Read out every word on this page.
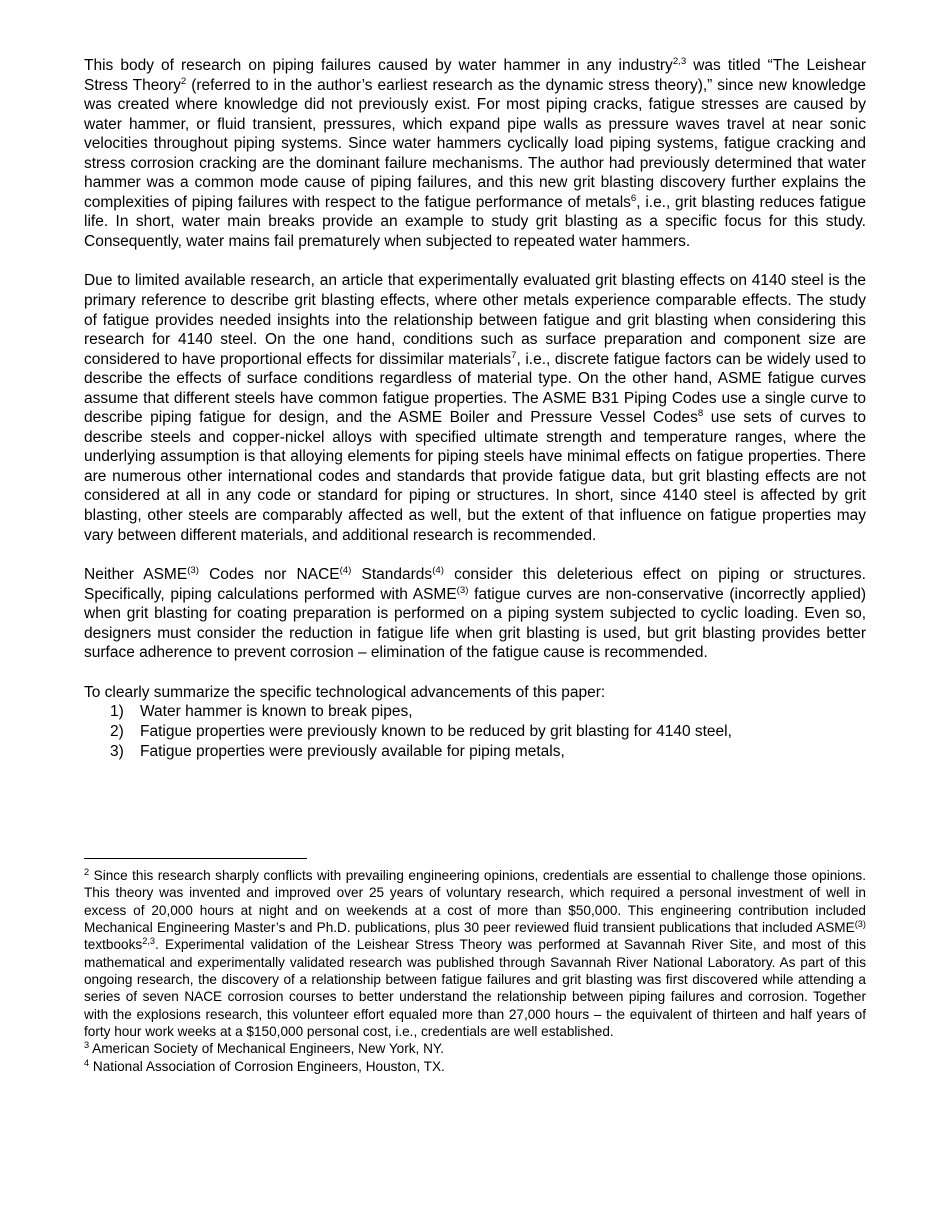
This body of research on piping failures caused by water hammer in any industry$^{2,3}$ was titled “The Leishear Stress Theory$^2$ (referred to in the author’s earliest research as the dynamic stress theory),” since new knowledge was created where knowledge did not previously exist. For most piping cracks, fatigue stresses are caused by water hammer, or fluid transient, pressures, which expand pipe walls as pressure waves travel at near sonic velocities throughout piping systems. Since water hammers cyclically load piping systems, fatigue cracking and stress corrosion cracking are the dominant failure mechanisms. The author had previously determined that water hammer was a common mode cause of piping failures, and this new grit blasting discovery further explains the complexities of piping failures with respect to the fatigue performance of metals$^6$, i.e., grit blasting reduces fatigue life. In short, water main breaks provide an example to study grit blasting as a specific focus for this study. Consequently, water mains fail prematurely when subjected to repeated water hammers.

Due to limited available research, an article that experimentally evaluated grit blasting effects on 4140 steel is the primary reference to describe grit blasting effects, where other metals experience comparable effects. The study of fatigue provides needed insights into the relationship between fatigue and grit blasting when considering this research for 4140 steel. On the one hand, conditions such as surface preparation and component size are considered to have proportional effects for dissimilar materials$^7$, i.e., discrete fatigue factors can be widely used to describe the effects of surface conditions regardless of material type. On the other hand, ASME fatigue curves assume that different steels have common fatigue properties. The ASME B31 Piping Codes use a single curve to describe piping fatigue for design, and the ASME Boiler and Pressure Vessel Codes$^8$ use sets of curves to describe steels and copper-nickel alloys with specified ultimate strength and temperature ranges, where the underlying assumption is that alloying elements for piping steels have minimal effects on fatigue properties. There are numerous other international codes and standards that provide fatigue data, but grit blasting effects are not considered at all in any code or standard for piping or structures. In short, since 4140 steel is affected by grit blasting, other steels are comparably affected as well, but the extent of that influence on fatigue properties may vary between different materials, and additional research is recommended.

Neither ASME$^{(3)}$ Codes nor NACE$^{(4)}$ Standards$^{(4)}$ consider this deleterious effect on piping or structures. Specifically, piping calculations performed with ASME$^{(3)}$ fatigue curves are non-conservative (incorrectly applied) when grit blasting for coating preparation is performed on a piping system subjected to cyclic loading. Even so, designers must consider the reduction in fatigue life when grit blasting is used, but grit blasting provides better surface adherence to prevent corrosion – elimination of the fatigue cause is recommended.

To clearly summarize the specific technological advancements of this paper:

1) Water hammer is known to break pipes,
2) Fatigue properties were previously known to be reduced by grit blasting for 4140 steel,
3) Fatigue properties were previously available for piping metals,

$^2$ Since this research sharply conflicts with prevailing engineering opinions, credentials are essential to challenge those opinions. This theory was invented and improved over 25 years of voluntary research, which required a personal investment of well in excess of 20,000 hours at night and on weekends at a cost of more than $50,000. This engineering contribution included Mechanical Engineering Master’s and Ph.D. publications, plus 30 peer reviewed fluid transient publications that included ASME$^{(3)}$ textbooks$^{2,3}$. Experimental validation of the Leishear Stress Theory was performed at Savannah River Site, and most of this mathematical and experimentally validated research was published through Savannah River National Laboratory. As part of this ongoing research, the discovery of a relationship between fatigue failures and grit blasting was first discovered while attending a series of seven NACE corrosion courses to better understand the relationship between piping failures and corrosion. Together with the explosions research, this volunteer effort equaled more than 27,000 hours – the equivalent of thirteen and half years of forty hour work weeks at a $150,000 personal cost, i.e., credentials are well established.

$^3$ American Society of Mechanical Engineers, New York, NY.

$^4$ National Association of Corrosion Engineers, Houston, TX.
